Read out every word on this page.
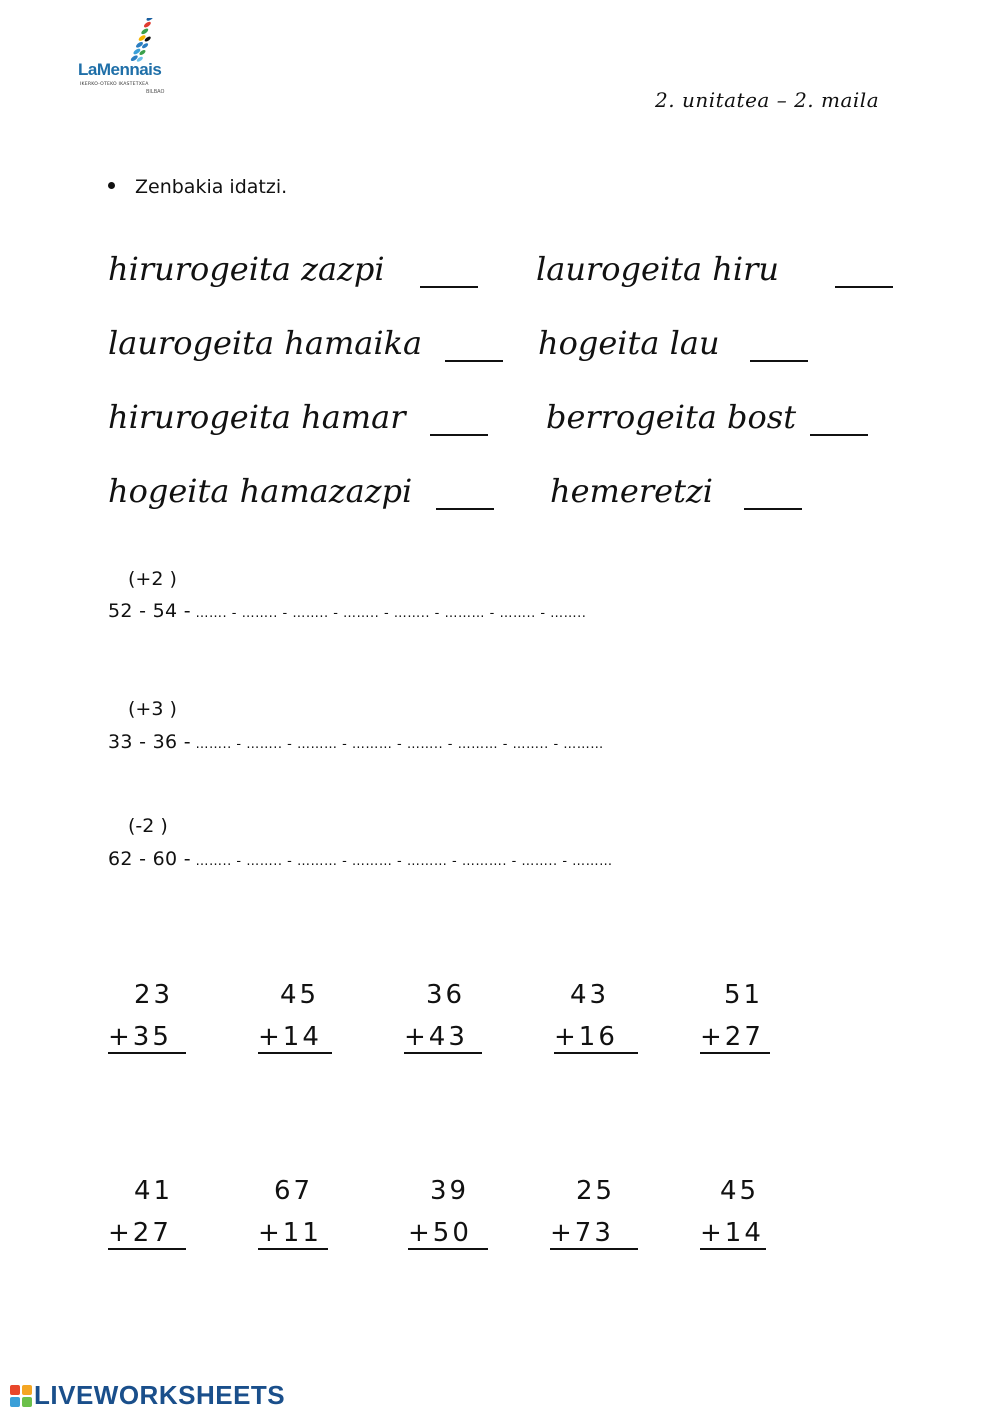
LaMennais
IKERKO-OTEKO IKASTETXEA
BILBAO	2. unitatea – 2. maila
Zenbakia idatzi.
hirurogeita zazpi	laurogeita hiru
laurogeita hamaika	hogeita lau
hirurogeita hamar	berrogeita bost
hogeita hamazazpi	hemeretzi
(+2 )
52 - 54 - ……. - …….. - …….. - …….. - …….. - ……… - …….. - ……..
(+3 )
33 - 36 - …….. - …….. - ……… - ……… - …….. - ……… - …….. - ………
(-2 )
62 - 60 - …….. - …….. - ……… - ……… - ……… - ………. - …….. - ………
23
+35
45
+14
36
+43
43
+16
51
+27
41
+27
67
+11
39
+50
25
+73
45
+14
LIVEWORKSHEETS
